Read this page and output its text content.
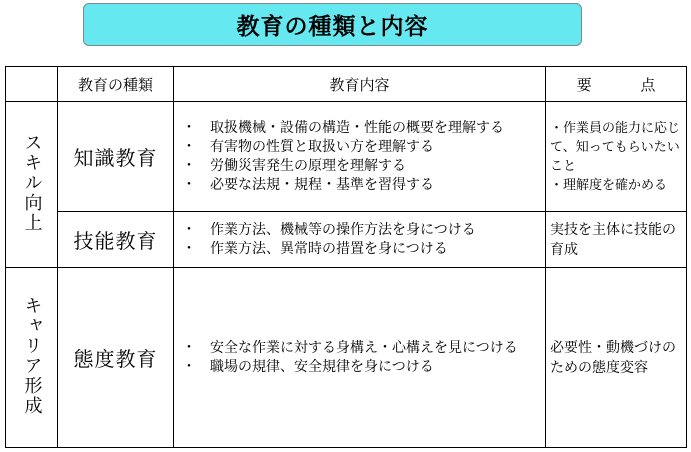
教育の種類と内容
	教育の種類	教育内容	要 点
スキル向上	知識教育	・ 取扱機械・設備の構造・性能の概要を理解する
・ 有害物の性質と取扱い方を理解する
・ 労働災害発生の原理を理解する
・ 必要な法規・規程・基準を習得する	・作業員の能力に応じて、知ってもらいたいこと
・理解度を確かめる
	技能教育	・ 作業方法、機械等の操作方法を身につける
・ 作業方法、異常時の措置を身につける	実技を主体に技能の育成
キャリア形成	態度教育	・ 安全な作業に対する身構え・心構えを見につける
・ 職場の規律、安全規律を身につける	必要性・動機づけのための態度変容
